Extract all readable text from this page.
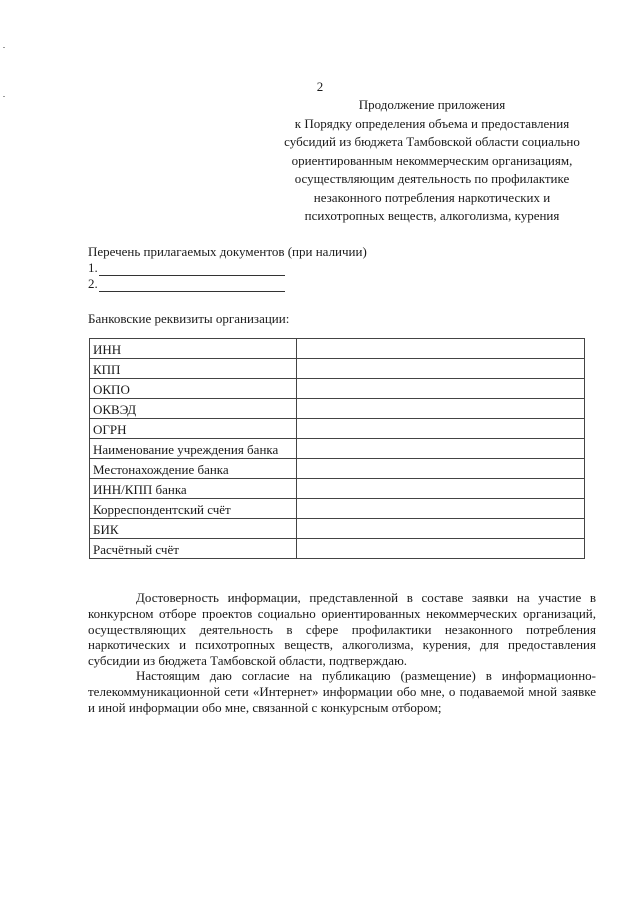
2
Продолжение приложения
к Порядку определения объема и предоставления
субсидий из бюджета Тамбовской области социально
ориентированным некоммерческим организациям,
осуществляющим деятельность по профилактике
незаконного потребления наркотических и
психотропных веществ, алкоголизма, курения
Перечень прилагаемых документов (при наличии)
1.
2.
Банковские реквизиты организации:
ИНН	
КПП	
ОКПО	
ОКВЭД	
ОГРН	
Наименование учреждения банка	
Местонахождение банка	
ИНН/КПП банка	
Корреспондентский счёт	
БИК	
Расчётный счёт	
Достоверность информации, представленной в составе заявки на участие в конкурсном отборе проектов социально ориентированных некоммерческих организаций, осуществляющих деятельность в сфере профилактики незаконного потребления наркотических и психотропных веществ, алкоголизма, курения, для предоставления субсидии из бюджета Тамбовской области, подтверждаю.
Настоящим даю согласие на публикацию (размещение) в информационно-телекоммуникационной сети «Интернет» информации обо мне, о подаваемой мной заявке и иной информации обо мне, связанной с конкурсным отбором;
